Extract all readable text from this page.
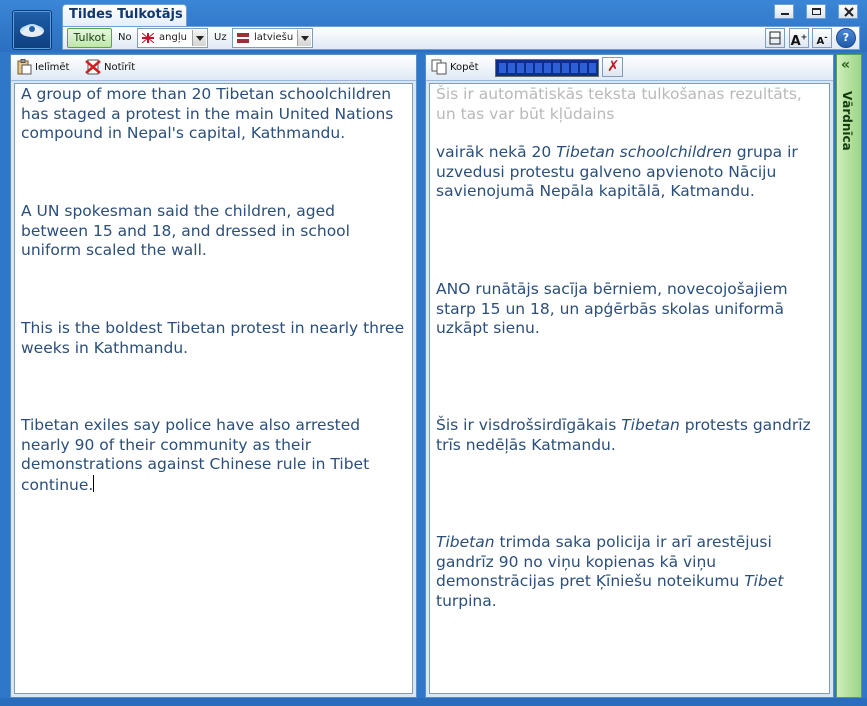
Tildes Tulkotājs
Tulkot	No	angļu	Uz	latviešu	A+ A-	?
Ielīmēt	Notīrīt
A group of more than 20 Tibetan schoolchildren has staged a protest in the main United Nations compound in Nepal's capital, Kathmandu.
A UN spokesman said the children, aged between 15 and 18, and dressed in school uniform scaled the wall.
This is the boldest Tibetan protest in nearly three weeks in Kathmandu.
Tibetan exiles say police have also arrested nearly 90 of their community as their demonstrations against Chinese rule in Tibet continue.
Kopēt	✗
Šis ir automātiskās teksta tulkošanas rezultāts, un tas var būt kļūdains
vairāk nekā 20 Tibetan schoolchildren grupa ir uzvedusi protestu galveno apvienoto Nāciju savienojumā Nepāla kapitālā, Katmandu.
ANO runātājs sacīja bērniem, novecojošajiem starp 15 un 18, un apģērbās skolas uniformā uzkāpt sienu.
Šis ir visdrošsirdīgākais Tibetan protests gandrīz trīs nedēļās Katmandu.
Tibetan trimda saka policija ir arī arestējusi gandrīz 90 no viņu kopienas kā viņu demonstrācijas pret Ķīniešu noteikumu Tibet turpina.
«
Vārdnīca
